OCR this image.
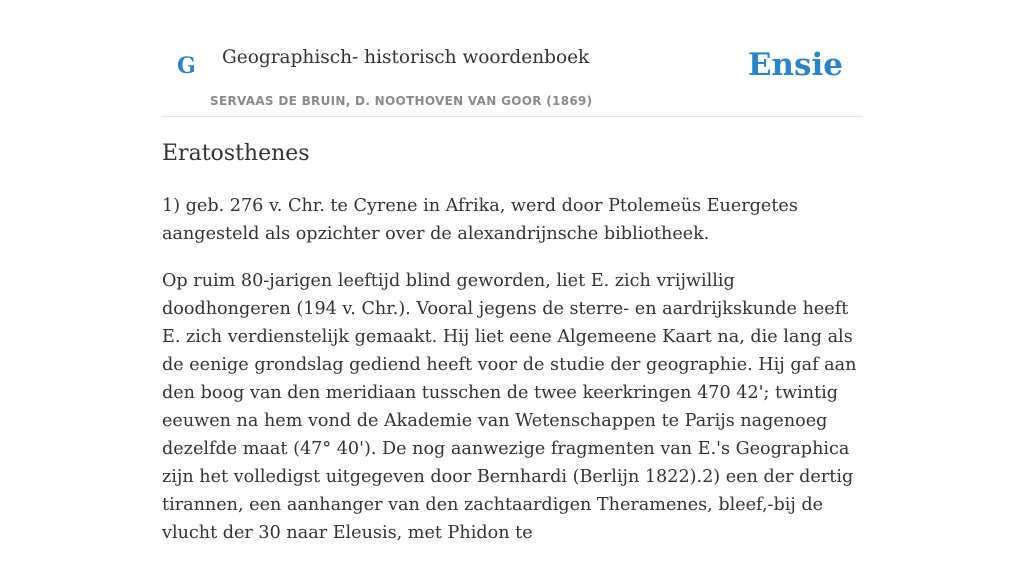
G Geographisch- historisch woordenboek
SERVAAS DE BRUIN, D. NOOTHOVEN VAN GOOR (1869)
Ensie
Eratosthenes

1) geb. 276 v. Chr. te Cyrene in Afrika, werd door Ptolemeüs Euergetes aangesteld als opzichter over de alexandrijnsche bibliotheek.

Op ruim 80-jarigen leeftijd blind geworden, liet E. zich vrijwillig doodhongeren (194 v. Chr.). Vooral jegens de sterre- en aardrijkskunde heeft E. zich verdienstelijk gemaakt. Hij liet eene Algemeene Kaart na, die lang als de eenige grondslag gediend heeft voor de studie der geographie. Hij gaf aan den boog van den meridiaan tusschen de twee keerkringen 470 42'; twintig eeuwen na hem vond de Akademie van Wetenschappen te Parijs nagenoeg dezelfde maat (47° 40'). De nog aanwezige fragmenten van E.'s Geographica zijn het volledigst uitgegeven door Bernhardi (Berlijn 1822).2) een der dertig tirannen, een aanhanger van den zachtaardigen Theramenes, bleef,-bij de vlucht der 30 naar Eleusis, met Phidon te
